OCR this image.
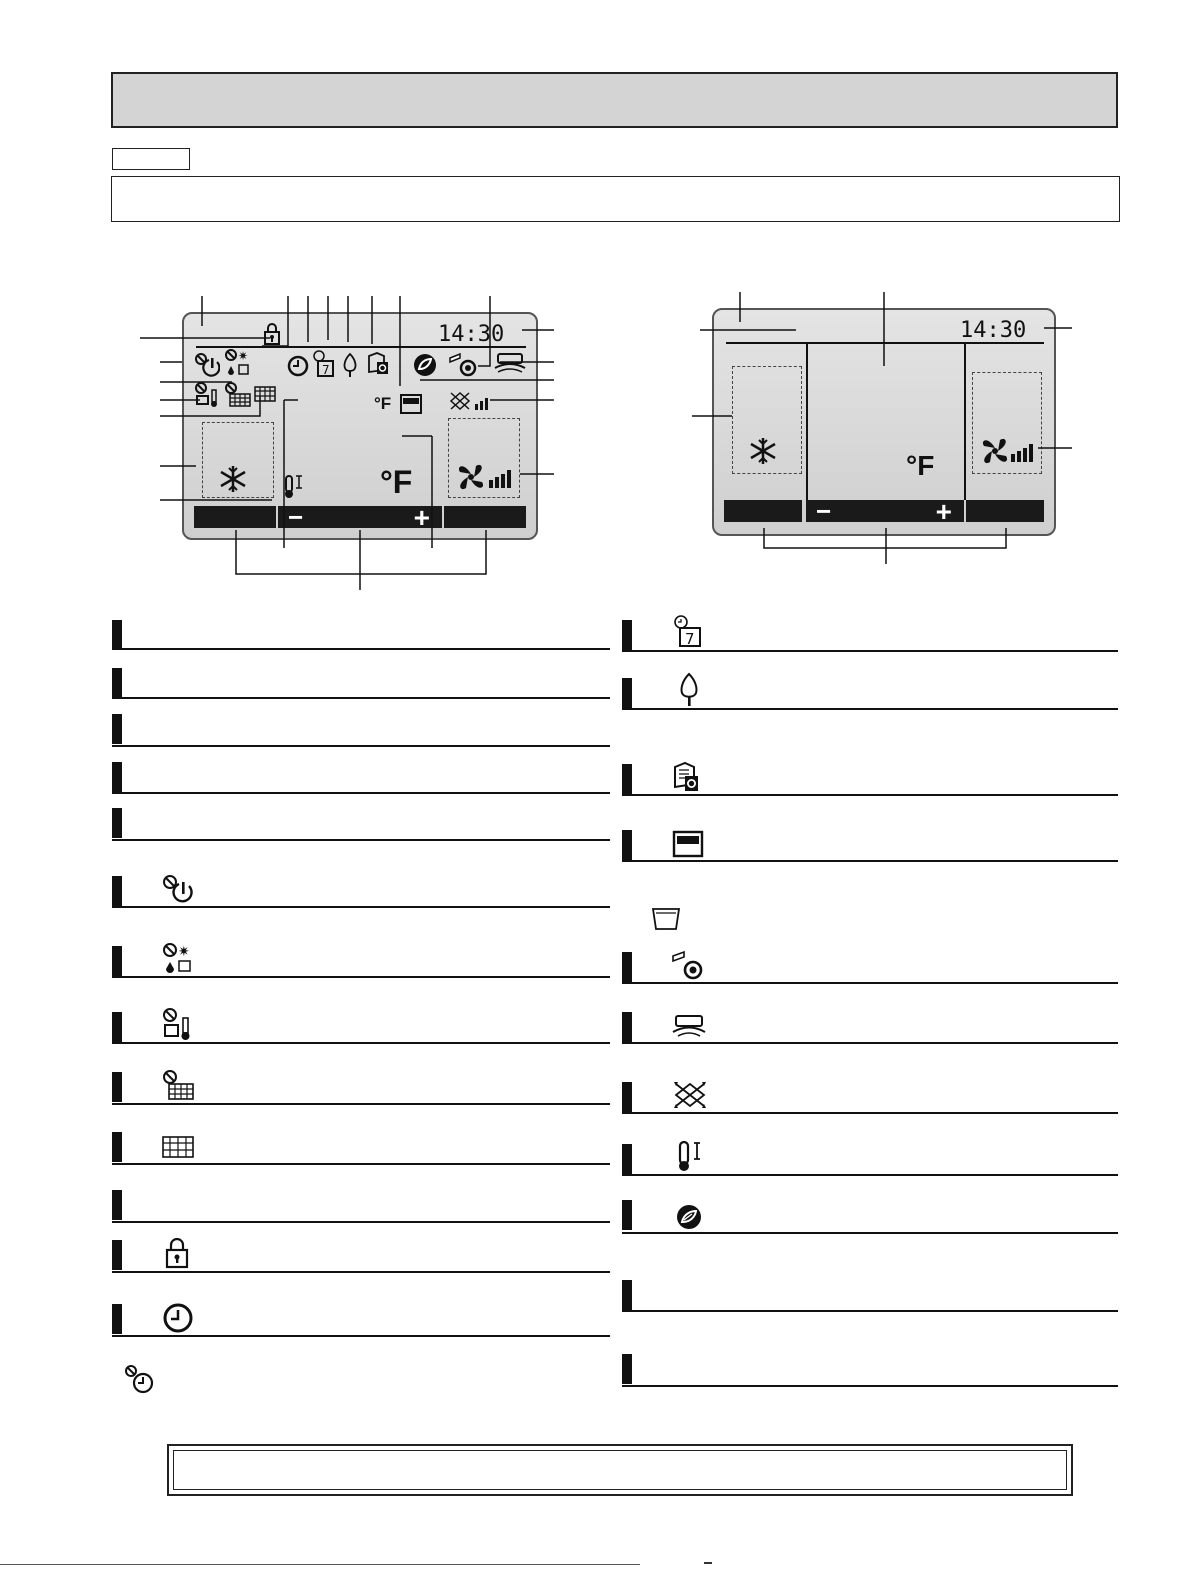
14:30
7
✷
°F
°F
−	+
14:30
°F
−	+
✷
7
